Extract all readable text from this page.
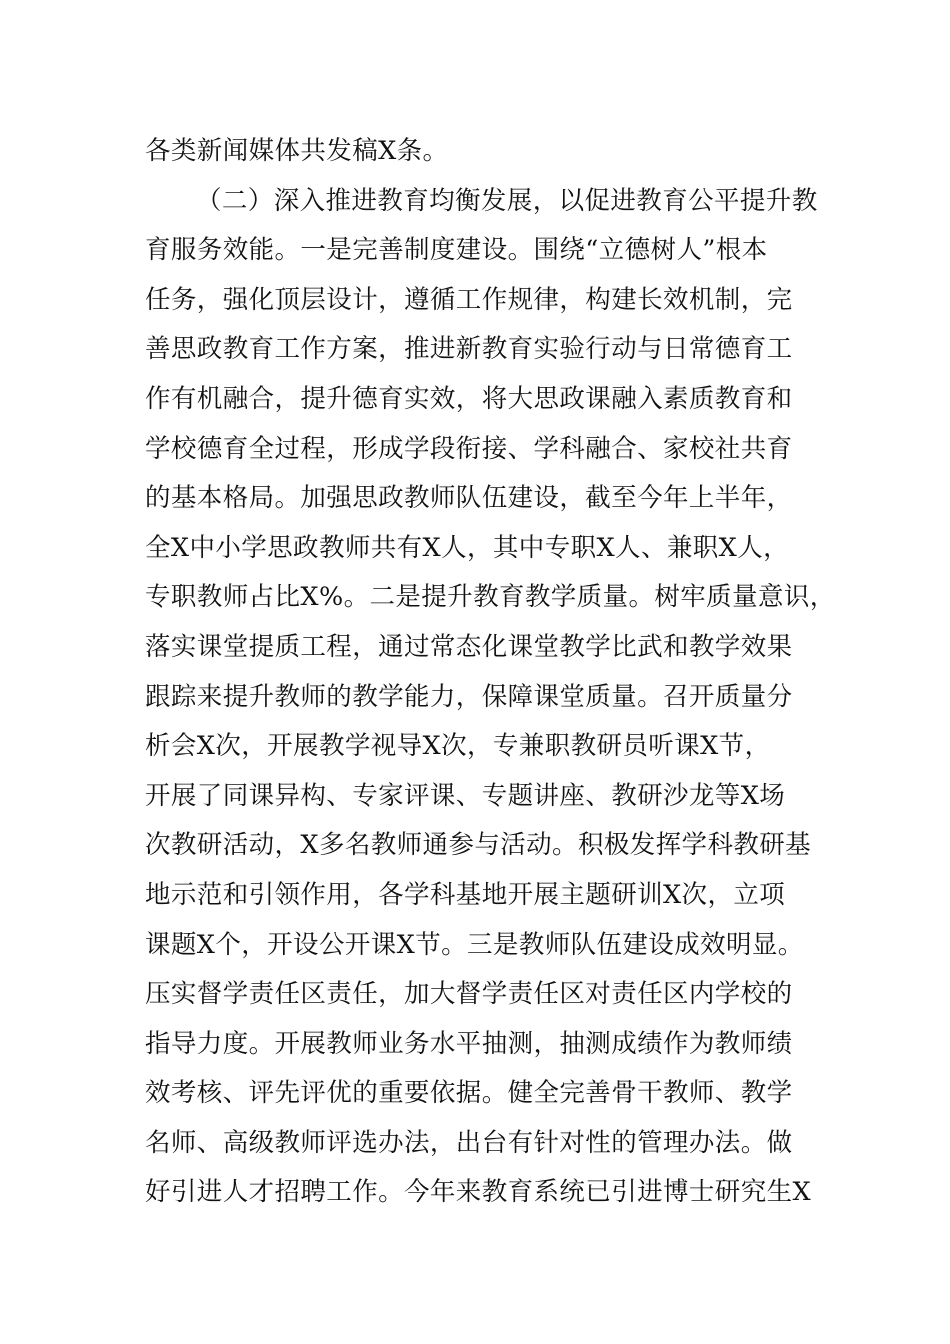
各类新闻媒体共发稿X条。
（二）深入推进教育均衡发展，以促进教育公平提升教
育服务效能。一是完善制度建设。围绕“立德树人”根本
任务，强化顶层设计，遵循工作规律，构建长效机制，完
善思政教育工作方案，推进新教育实验行动与日常德育工
作有机融合，提升德育实效，将大思政课融入素质教育和
学校德育全过程，形成学段衔接、学科融合、家校社共育
的基本格局。加强思政教师队伍建设，截至今年上半年，
全X中小学思政教师共有X人，其中专职X人、兼职X人，
专职教师占比X%。二是提升教育教学质量。树牢质量意识，
落实课堂提质工程，通过常态化课堂教学比武和教学效果
跟踪来提升教师的教学能力，保障课堂质量。召开质量分
析会X次，开展教学视导X次，专兼职教研员听课X节，
开展了同课异构、专家评课、专题讲座、教研沙龙等X场
次教研活动，X多名教师通参与活动。积极发挥学科教研基
地示范和引领作用，各学科基地开展主题研训X次，立项
课题X个，开设公开课X节。三是教师队伍建设成效明显。
压实督学责任区责任，加大督学责任区对责任区内学校的
指导力度。开展教师业务水平抽测，抽测成绩作为教师绩
效考核、评先评优的重要依据。健全完善骨干教师、教学
名师、高级教师评选办法，出台有针对性的管理办法。做
好引进人才招聘工作。今年来教育系统已引进博士研究生X
